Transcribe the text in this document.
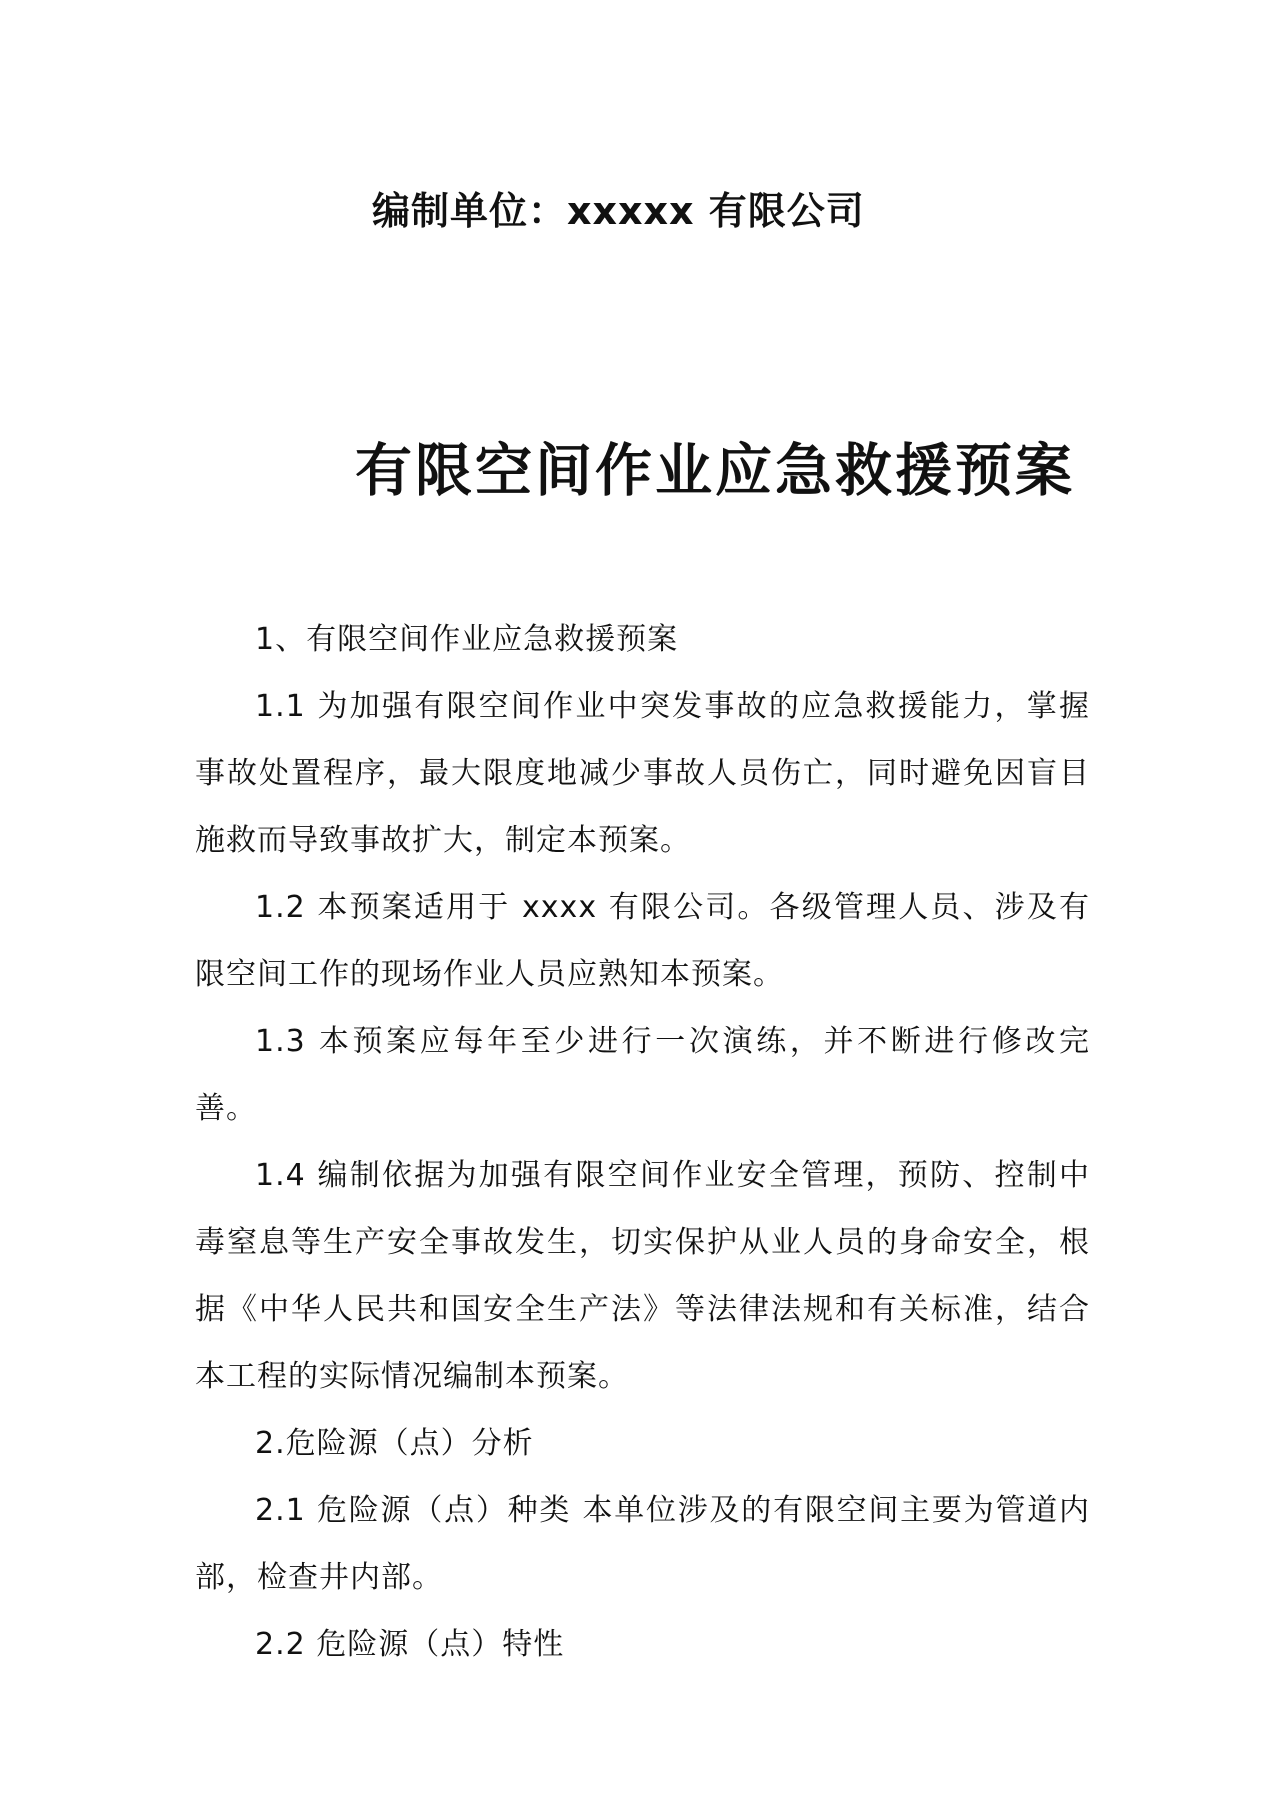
编制单位：xxxxx 有限公司
有限空间作业应急救援预案

1、有限空间作业应急救援预案

1.1 为加强有限空间作业中突发事故的应急救援能力，掌握事故处置程序，最大限度地减少事故人员伤亡，同时避免因盲目施救而导致事故扩大，制定本预案。

1.2 本预案适用于 xxxx 有限公司。各级管理人员、涉及有限空间工作的现场作业人员应熟知本预案。

1.3 本预案应每年至少进行一次演练，并不断进行修改完善。

1.4 编制依据为加强有限空间作业安全管理，预防、控制中毒窒息等生产安全事故发生，切实保护从业人员的身命安全，根据《中华人民共和国安全生产法》等法律法规和有关标准，结合本工程的实际情况编制本预案。

2.危险源（点）分析

2.1 危险源（点）种类 本单位涉及的有限空间主要为管道内部，检查井内部。

2.2 危险源（点）特性
